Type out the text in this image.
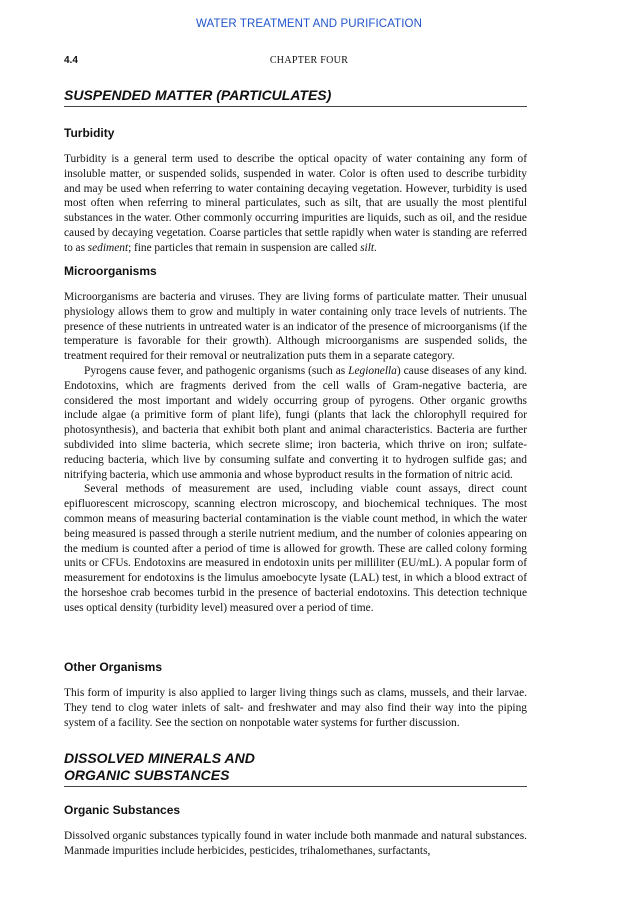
WATER TREATMENT AND PURIFICATION
4.4	CHAPTER FOUR
SUSPENDED MATTER (PARTICULATES)
Turbidity

Turbidity is a general term used to describe the optical opacity of water containing any form of insoluble matter, or suspended solids, suspended in water. Color is often used to describe turbidity and may be used when referring to water containing decaying vegetation. However, turbidity is used most often when referring to mineral particulates, such as silt, that are usually the most plentiful substances in the water. Other commonly occurring impurities are liquids, such as oil, and the residue caused by decaying vegetation. Coarse particles that settle rapidly when water is standing are referred to as sediment; fine particles that remain in suspension are called silt.

Microorganisms

Microorganisms are bacteria and viruses. They are living forms of particulate matter. Their unusual physiology allows them to grow and multiply in water containing only trace levels of nutrients. The presence of these nutrients in untreated water is an indicator of the presence of microorganisms (if the temperature is favorable for their growth). Although microorganisms are suspended solids, the treatment required for their removal or neutralization puts them in a separate category.

Pyrogens cause fever, and pathogenic organisms (such as Legionella) cause diseases of any kind. Endotoxins, which are fragments derived from the cell walls of Gram-negative bacteria, are considered the most important and widely occurring group of pyrogens. Other organic growths include algae (a primitive form of plant life), fungi (plants that lack the chlorophyll required for photosynthesis), and bacteria that exhibit both plant and animal characteristics. Bacteria are further subdivided into slime bacteria, which secrete slime; iron bacteria, which thrive on iron; sulfate-reducing bacteria, which live by consuming sulfate and converting it to hydrogen sulfide gas; and nitrifying bacteria, which use ammonia and whose byproduct results in the formation of nitric acid.

Several methods of measurement are used, including viable count assays, direct count epifluorescent microscopy, scanning electron microscopy, and biochemical techniques. The most common means of measuring bacterial contamination is the viable count method, in which the water being measured is passed through a sterile nutrient medium, and the number of colonies appearing on the medium is counted after a period of time is allowed for growth. These are called colony forming units or CFUs. Endotoxins are measured in endotoxin units per milliliter (EU/mL). A popular form of measurement for endotoxins is the limulus amoebocyte lysate (LAL) test, in which a blood extract of the horseshoe crab becomes turbid in the presence of bacterial endotoxins. This detection technique uses optical density (turbidity level) measured over a period of time.

Other Organisms

This form of impurity is also applied to larger living things such as clams, mussels, and their larvae. They tend to clog water inlets of salt- and freshwater and may also find their way into the piping system of a facility. See the section on nonpotable water systems for further discussion.

DISSOLVED MINERALS AND
ORGANIC SUBSTANCES
Organic Substances

Dissolved organic substances typically found in water include both manmade and natural substances. Manmade impurities include herbicides, pesticides, trihalomethanes, surfactants,
